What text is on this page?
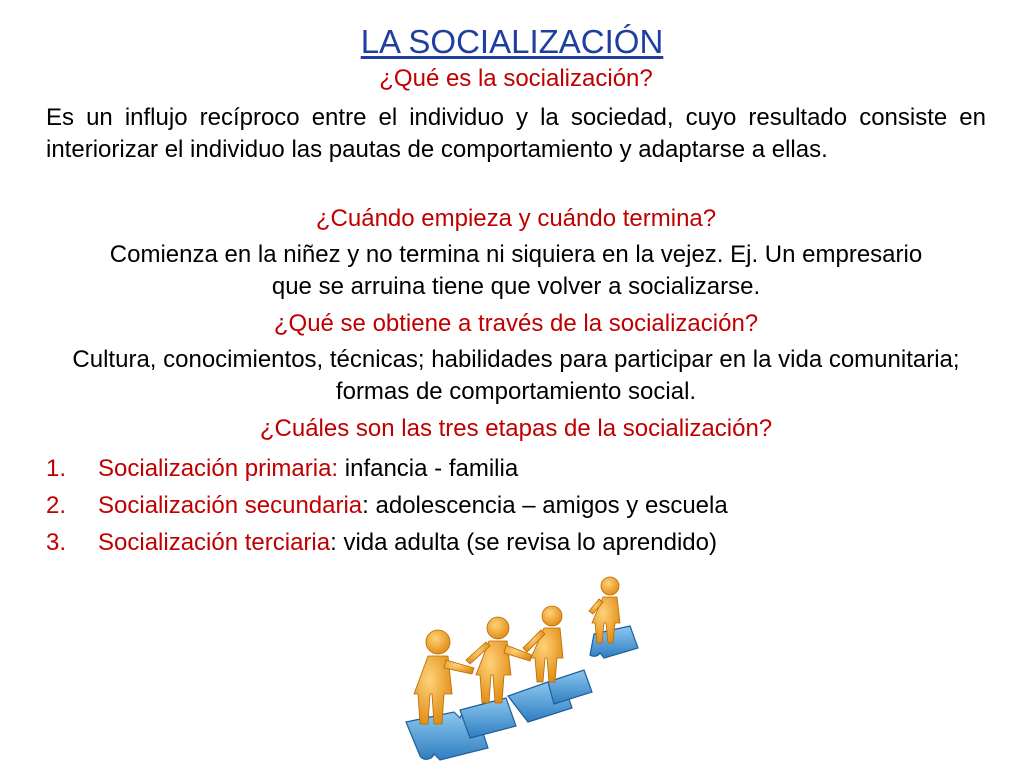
LA SOCIALIZACIÓN
¿Qué es la socialización?
Es un influjo recíproco entre el individuo y la sociedad, cuyo resultado consiste en interiorizar el individuo las pautas de comportamiento y adaptarse a ellas.
¿Cuándo empieza y cuándo termina?
Comienza en la niñez y no termina ni siquiera en la vejez. Ej. Un empresario que se arruina tiene que volver a socializarse.
¿Qué se obtiene a través de la socialización?
Cultura, conocimientos, técnicas; habilidades para participar en la vida comunitaria; formas de comportamiento social.
¿Cuáles son las tres etapas de la socialización?
1. Socialización primaria: infancia - familia
2. Socialización secundaria: adolescencia – amigos y escuela
3. Socialización terciaria: vida adulta (se revisa lo aprendido)
